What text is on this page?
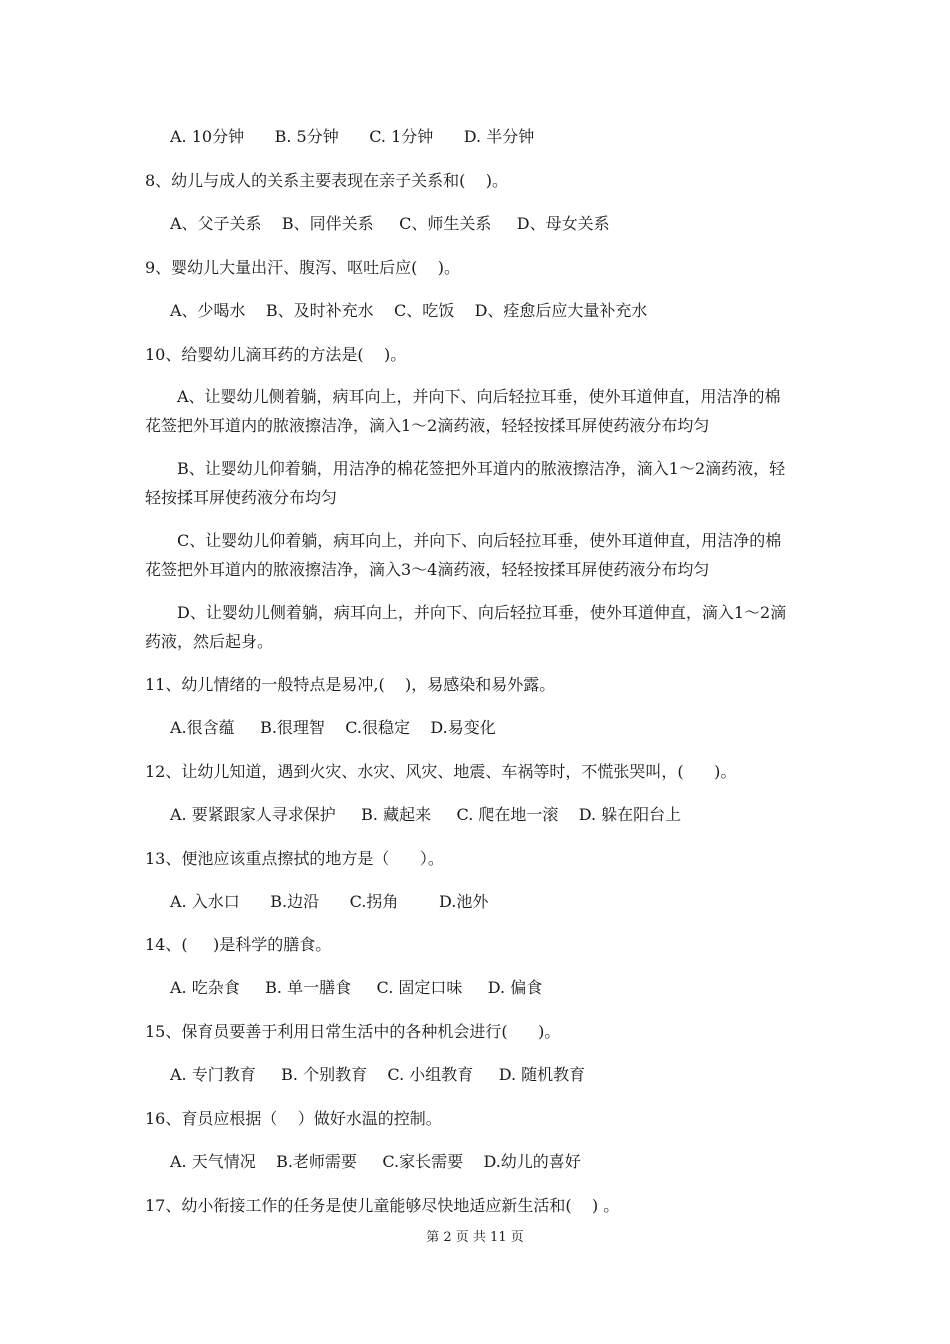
A. 10分钟      B. 5分钟      C. 1分钟      D. 半分钟
8、幼儿与成人的关系主要表现在亲子关系和(    )。
A、父子关系    B、同伴关系     C、师生关系     D、母女关系
9、婴幼儿大量出汗、腹泻、呕吐后应(    )。
A、少喝水    B、及时补充水    C、吃饭    D、痊愈后应大量补充水
10、给婴幼儿滴耳药的方法是(    )。
A、让婴幼儿侧着躺，病耳向上，并向下、向后轻拉耳垂，使外耳道伸直，用洁净的棉
花签把外耳道内的脓液擦洁净，滴入1～2滴药液，轻轻按揉耳屏使药液分布均匀
B、让婴幼儿仰着躺，用洁净的棉花签把外耳道内的脓液擦洁净，滴入1～2滴药液，轻
轻按揉耳屏使药液分布均匀
C、让婴幼儿仰着躺，病耳向上，并向下、向后轻拉耳垂，使外耳道伸直，用洁净的棉
花签把外耳道内的脓液擦洁净，滴入3～4滴药液，轻轻按揉耳屏使药液分布均匀
D、让婴幼儿侧着躺，病耳向上，并向下、向后轻拉耳垂，使外耳道伸直，滴入1～2滴
药液，然后起身。
11、幼儿情绪的一般特点是易冲,(    )，易感染和易外露。
A.很含蕴     B.很理智    C.很稳定    D.易变化
12、让幼儿知道，遇到火灾、水灾、风灾、地震、车祸等时，不慌张哭叫，(      )。
A. 要紧跟家人寻求保护     B. 藏起来     C. 爬在地一滚    D. 躲在阳台上
13、便池应该重点擦拭的地方是（      ）。
A. 入水口      B.边沿      C.拐角        D.池外
14、(     )是科学的膳食。
A. 吃杂食     B. 单一膳食     C. 固定口味     D. 偏食
15、保育员要善于利用日常生活中的各种机会进行(      )。
A. 专门教育     B. 个别教育    C. 小组教育     D. 随机教育
16、育员应根据（    ）做好水温的控制。
A. 天气情况    B.老师需要     C.家长需要    D.幼儿的喜好
17、幼小衔接工作的任务是使儿童能够尽快地适应新生活和(    ) 。
第 2 页 共 11 页
